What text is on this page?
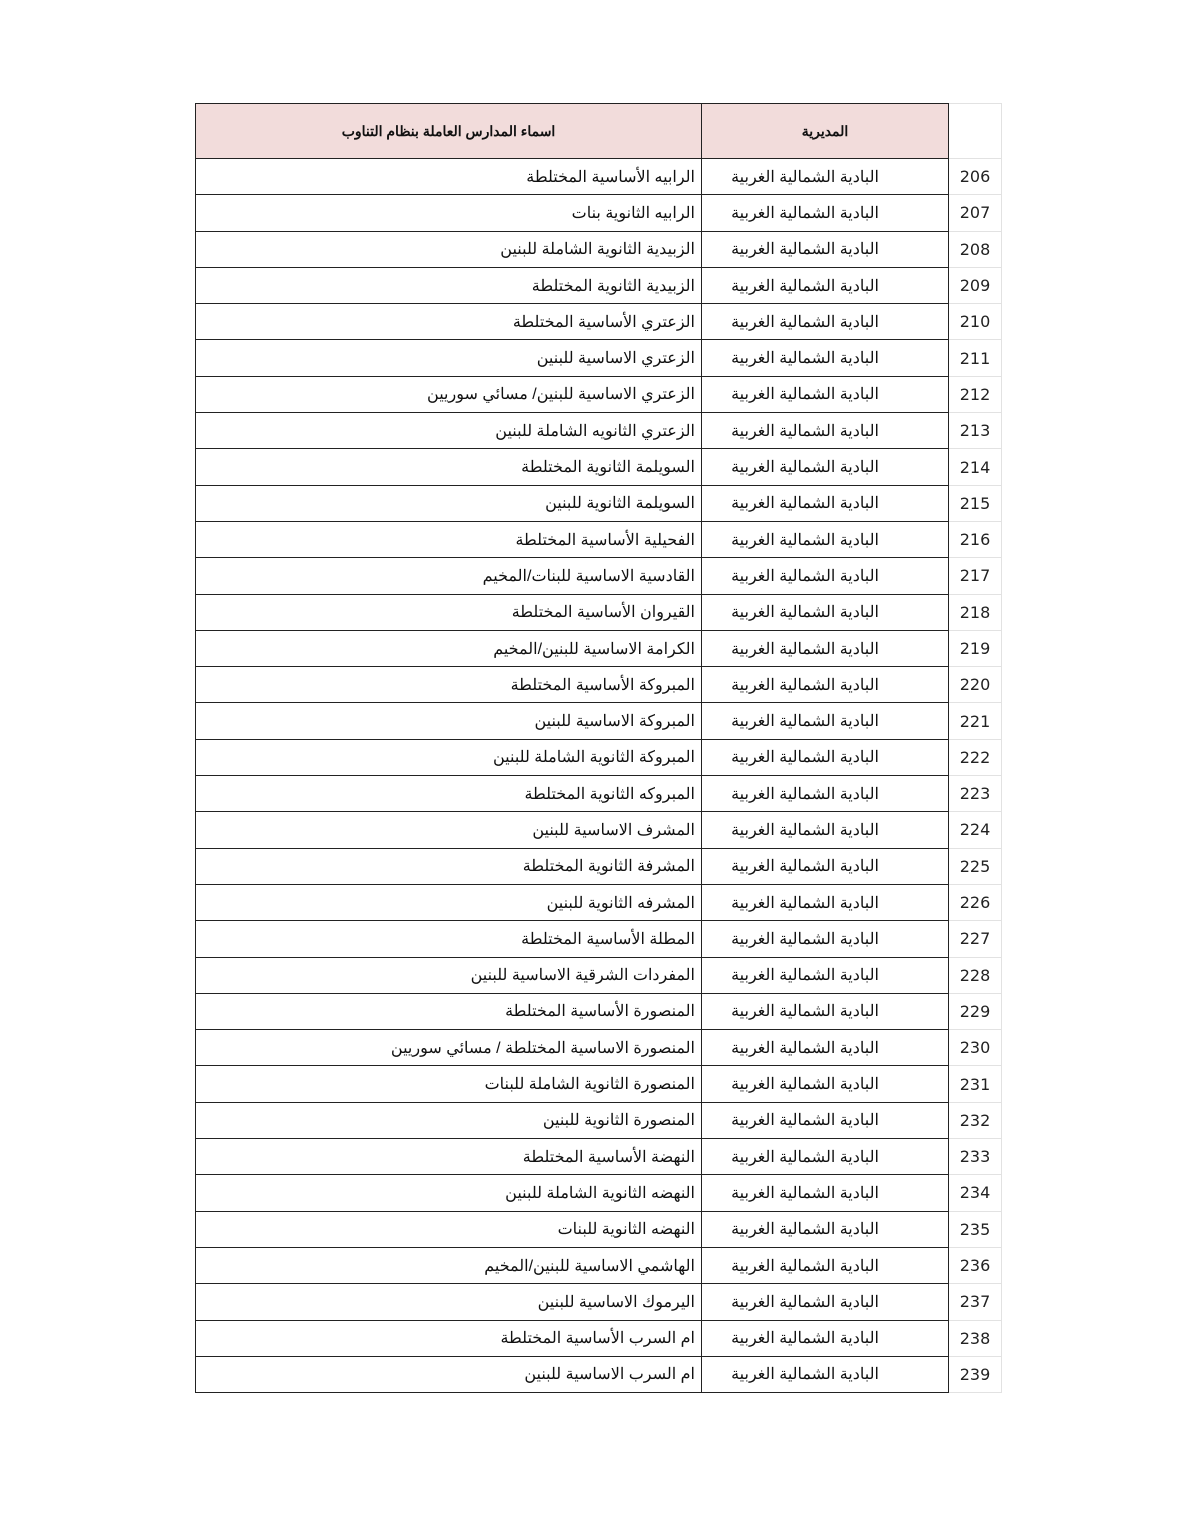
اسماء المدارس العاملة بنظام التناوب	المديرية	
الرابيه الأساسية المختلطة	البادية الشمالية الغربية	206
الرابيه الثانوية بنات	البادية الشمالية الغربية	207
الزبيدية الثانوية الشاملة للبنين	البادية الشمالية الغربية	208
الزبيدية الثانوية المختلطة	البادية الشمالية الغربية	209
الزعتري الأساسية المختلطة	البادية الشمالية الغربية	210
الزعتري الاساسية للبنين	البادية الشمالية الغربية	211
الزعتري الاساسية للبنين/ مسائي سوريين	البادية الشمالية الغربية	212
الزعتري الثانويه الشاملة للبنين	البادية الشمالية الغربية	213
السويلمة الثانوية المختلطة	البادية الشمالية الغربية	214
السويلمة الثانوية للبنين	البادية الشمالية الغربية	215
الفحيلية الأساسية المختلطة	البادية الشمالية الغربية	216
القادسية الاساسية للبنات/المخيم	البادية الشمالية الغربية	217
القيروان الأساسية المختلطة	البادية الشمالية الغربية	218
الكرامة الاساسية للبنين/المخيم	البادية الشمالية الغربية	219
المبروكة الأساسية المختلطة	البادية الشمالية الغربية	220
المبروكة الاساسية للبنين	البادية الشمالية الغربية	221
المبروكة الثانوية الشاملة للبنين	البادية الشمالية الغربية	222
المبروكه الثانوية المختلطة	البادية الشمالية الغربية	223
المشرف الاساسية للبنين	البادية الشمالية الغربية	224
المشرفة الثانوية المختلطة	البادية الشمالية الغربية	225
المشرفه الثانوية للبنين	البادية الشمالية الغربية	226
المطلة الأساسية المختلطة	البادية الشمالية الغربية	227
المفردات الشرقية الاساسية للبنين	البادية الشمالية الغربية	228
المنصورة الأساسية المختلطة	البادية الشمالية الغربية	229
المنصورة الاساسية المختلطة / مسائي سوريين	البادية الشمالية الغربية	230
المنصورة الثانوية الشاملة للبنات	البادية الشمالية الغربية	231
المنصورة الثانوية للبنين	البادية الشمالية الغربية	232
النهضة الأساسية المختلطة	البادية الشمالية الغربية	233
النهضه الثانوية الشاملة للبنين	البادية الشمالية الغربية	234
النهضه الثانوية للبنات	البادية الشمالية الغربية	235
الهاشمي الاساسية للبنين/المخيم	البادية الشمالية الغربية	236
اليرموك الاساسية للبنين	البادية الشمالية الغربية	237
ام السرب الأساسية المختلطة	البادية الشمالية الغربية	238
ام السرب الاساسية للبنين	البادية الشمالية الغربية	239
